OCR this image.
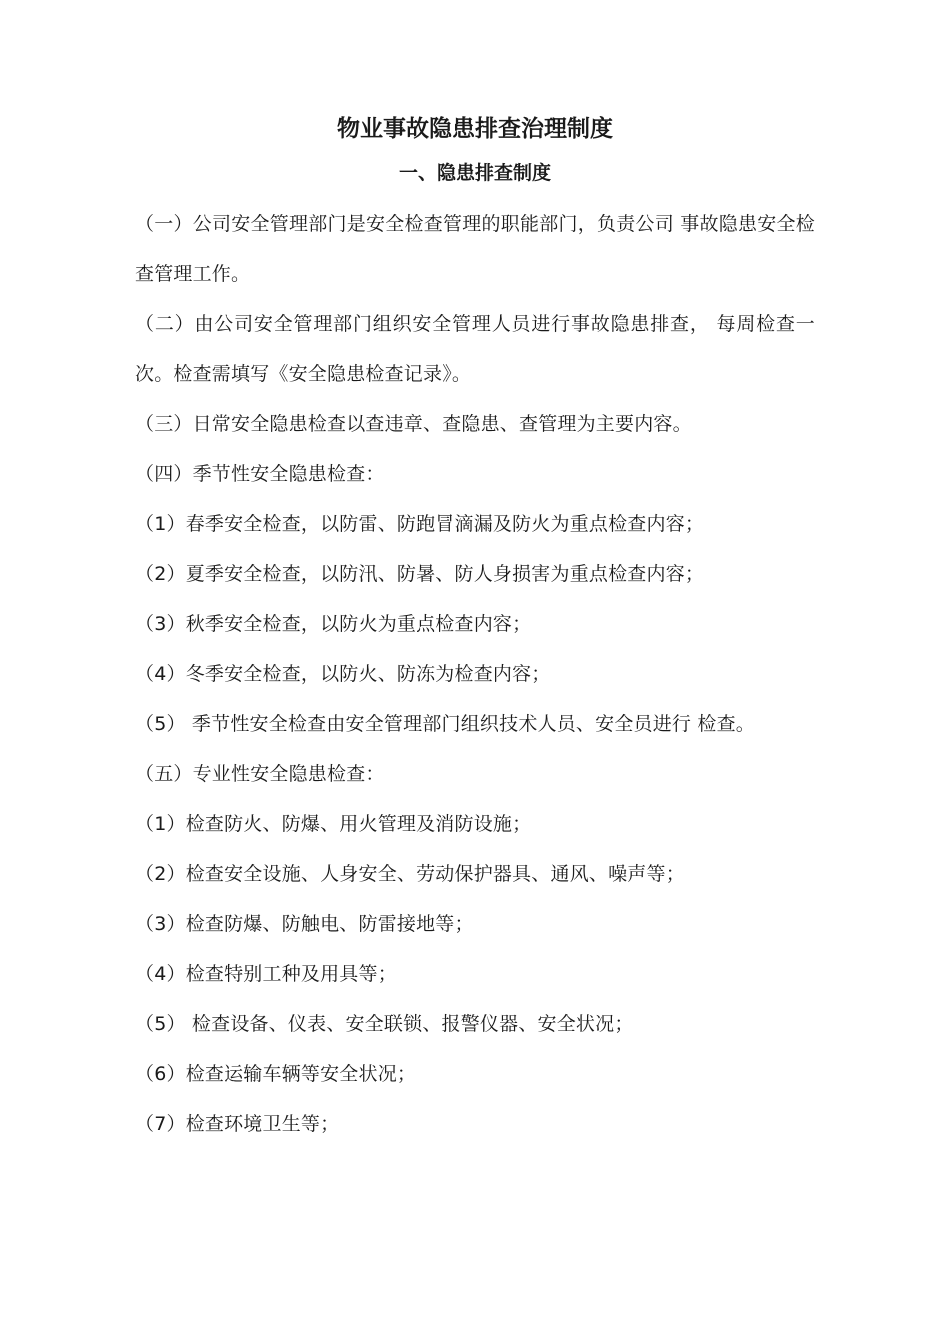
物业事故隐患排查治理制度
一、隐患排查制度

（一）公司安全管理部门是安全检查管理的职能部门，负责公司 事故隐患安全检查管理工作。

（二）由公司安全管理部门组织安全管理人员进行事故隐患排查， 每周检查一次。检查需填写《安全隐患检查记录》。

（三）日常安全隐患检查以查违章、查隐患、查管理为主要内容。

（四）季节性安全隐患检查：

（1）春季安全检查，以防雷、防跑冒滴漏及防火为重点检查内容；

（2）夏季安全检查，以防汛、防暑、防人身损害为重点检查内容；

（3）秋季安全检查，以防火为重点检查内容；

（4）冬季安全检查，以防火、防冻为检查内容；

（5） 季节性安全检查由安全管理部门组织技术人员、安全员进行 检查。

（五）专业性安全隐患检查：

（1）检查防火、防爆、用火管理及消防设施；

（2）检查安全设施、人身安全、劳动保护器具、通风、噪声等；

（3）检查防爆、防触电、防雷接地等；

（4）检查特别工种及用具等；

（5） 检查设备、仪表、安全联锁、报警仪器、安全状况；

（6）检查运输车辆等安全状况；

（7）检查环境卫生等；
